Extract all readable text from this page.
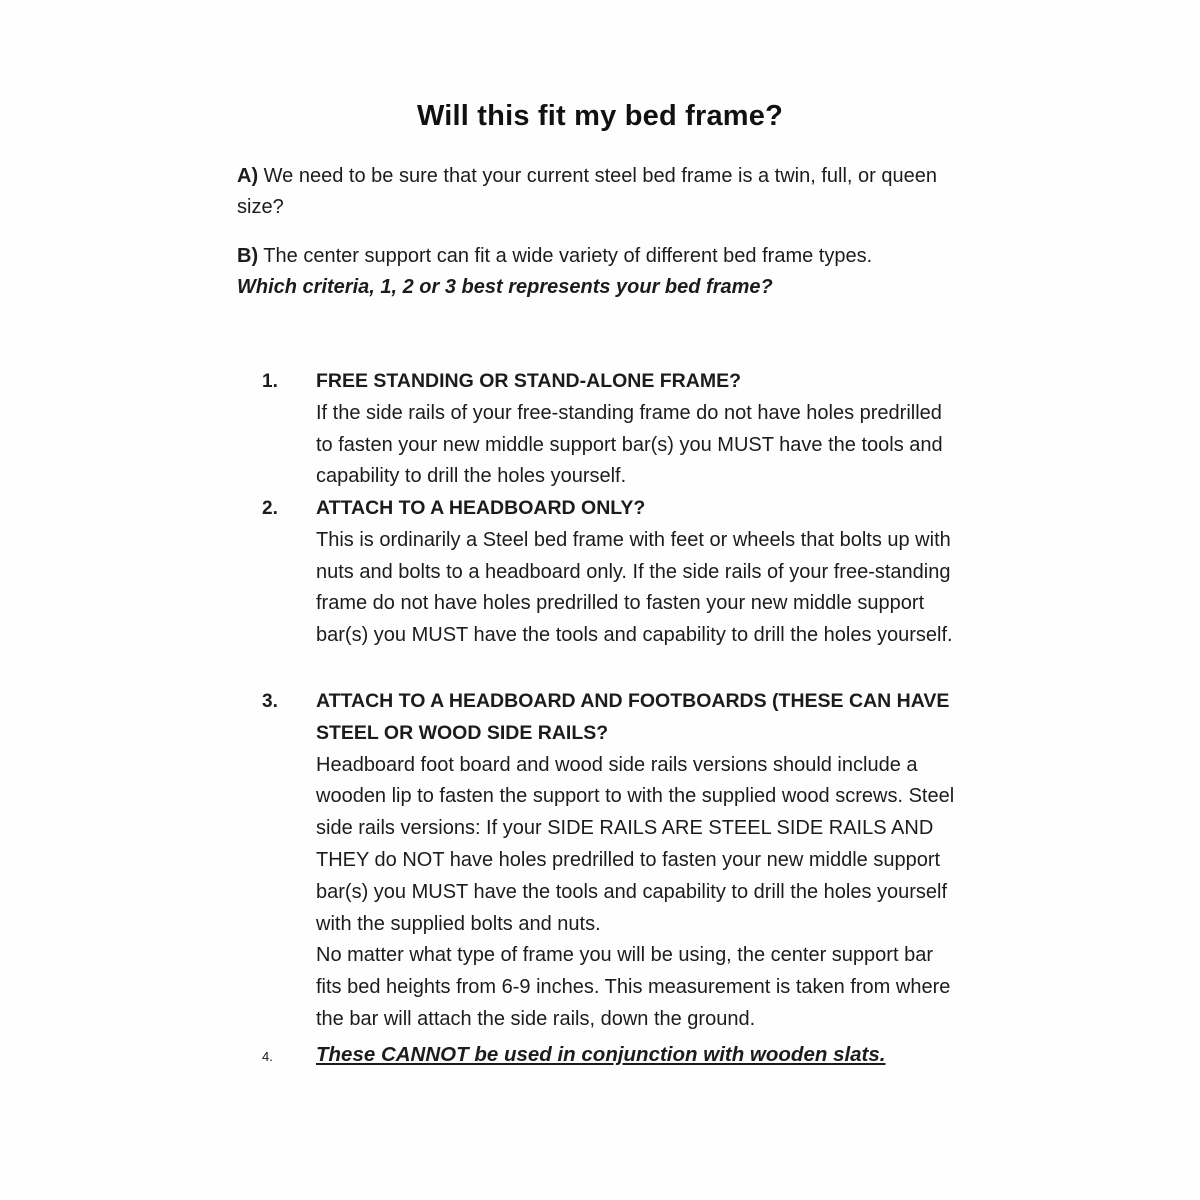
Will this fit my bed frame?
A) We need to be sure that your current steel bed frame is a twin, full, or queen size?
B) The center support can fit a wide variety of different bed frame types.
Which criteria, 1, 2 or 3 best represents your bed frame?
1. FREE STANDING OR STAND-ALONE FRAME?
If the side rails of your free-standing frame do not have holes predrilled to fasten your new middle support bar(s) you MUST have the tools and capability to drill the holes yourself.
2. ATTACH TO A HEADBOARD ONLY?
This is ordinarily a Steel bed frame with feet or wheels that bolts up with nuts and bolts to a headboard only. If the side rails of your free-standing frame do not have holes predrilled to fasten your new middle support bar(s) you MUST have the tools and capability to drill the holes yourself.
3. ATTACH TO A HEADBOARD AND FOOTBOARDS (THESE CAN HAVE STEEL OR WOOD SIDE RAILS?
Headboard foot board and wood side rails versions should include a wooden lip to fasten the support to with the supplied wood screws. Steel side rails versions: If your SIDE RAILS ARE STEEL SIDE RAILS AND THEY do NOT have holes predrilled to fasten your new middle support bar(s) you MUST have the tools and capability to drill the holes yourself with the supplied bolts and nuts.
No matter what type of frame you will be using, the center support bar fits bed heights from 6-9 inches. This measurement is taken from where the bar will attach the side rails, down the ground.
4. These CANNOT be used in conjunction with wooden slats.
